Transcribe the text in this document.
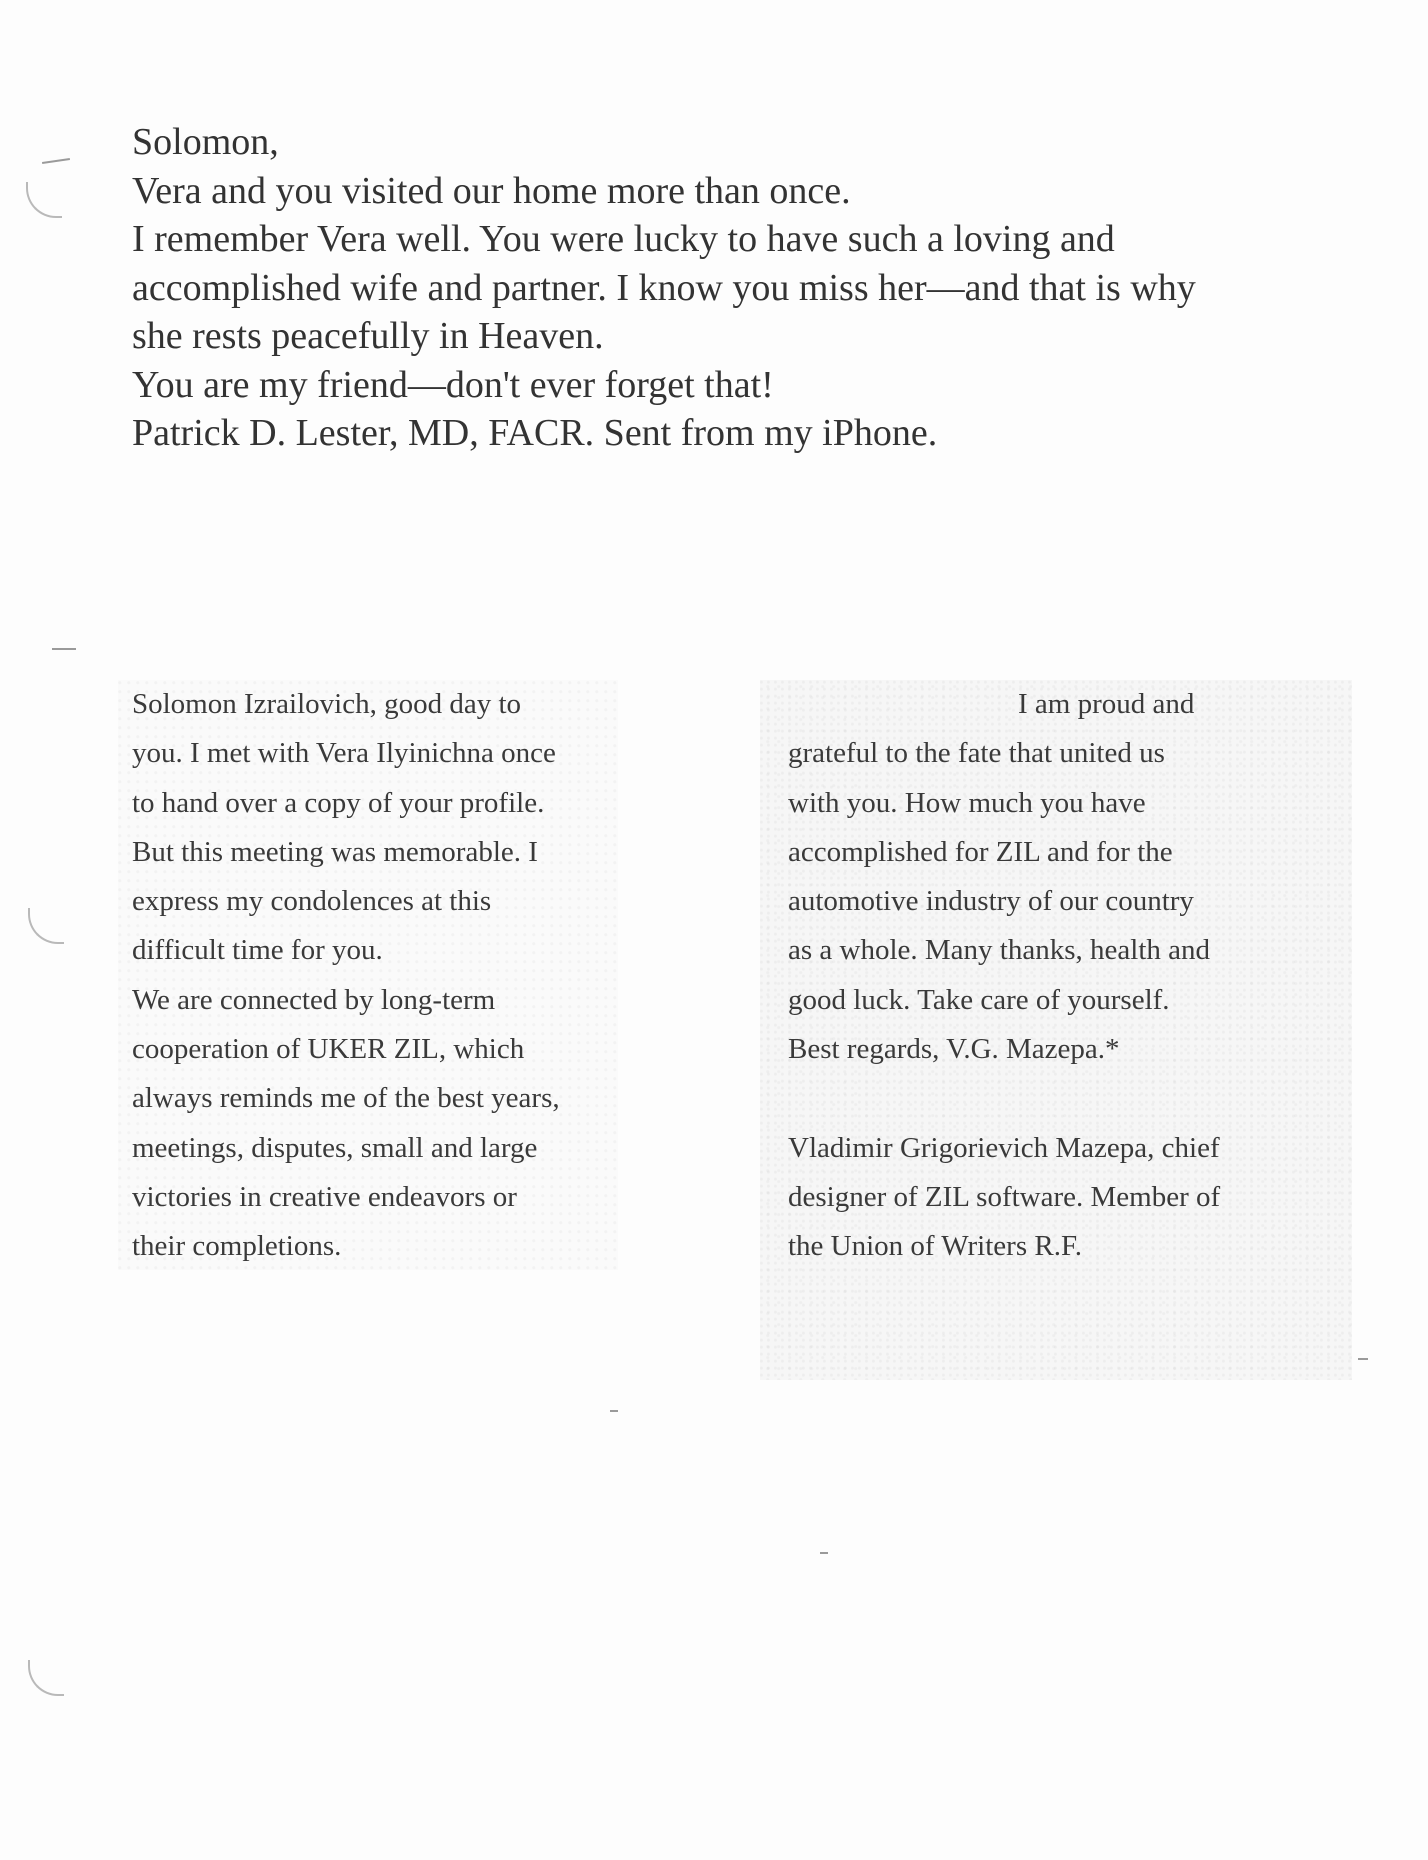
Solomon,
Vera and you visited our home more than once.
I remember Vera well. You were lucky to have such a loving and
accomplished wife and partner. I know you miss her—and that is why
she rests peacefully in Heaven.
You are my friend—don't ever forget that!
Patrick D. Lester, MD, FACR. Sent from my iPhone.
Solomon Izrailovich, good day to
you. I met with Vera Ilyinichna once
to hand over a copy of your profile.
But this meeting was memorable. I
express my condolences at this
difficult time for you.
We are connected by long-term
cooperation of UKER ZIL, which
always reminds me of the best years,
meetings, disputes, small and large
victories in creative endeavors or
their completions.
I am proud and
grateful to the fate that united us
with you. How much you have
accomplished for ZIL and for the
automotive industry of our country
as a whole. Many thanks, health and
good luck. Take care of yourself.
Best regards, V.G. Mazepa.*
Vladimir Grigorievich Mazepa, chief
designer of ZIL software. Member of
the Union of Writers R.F.
